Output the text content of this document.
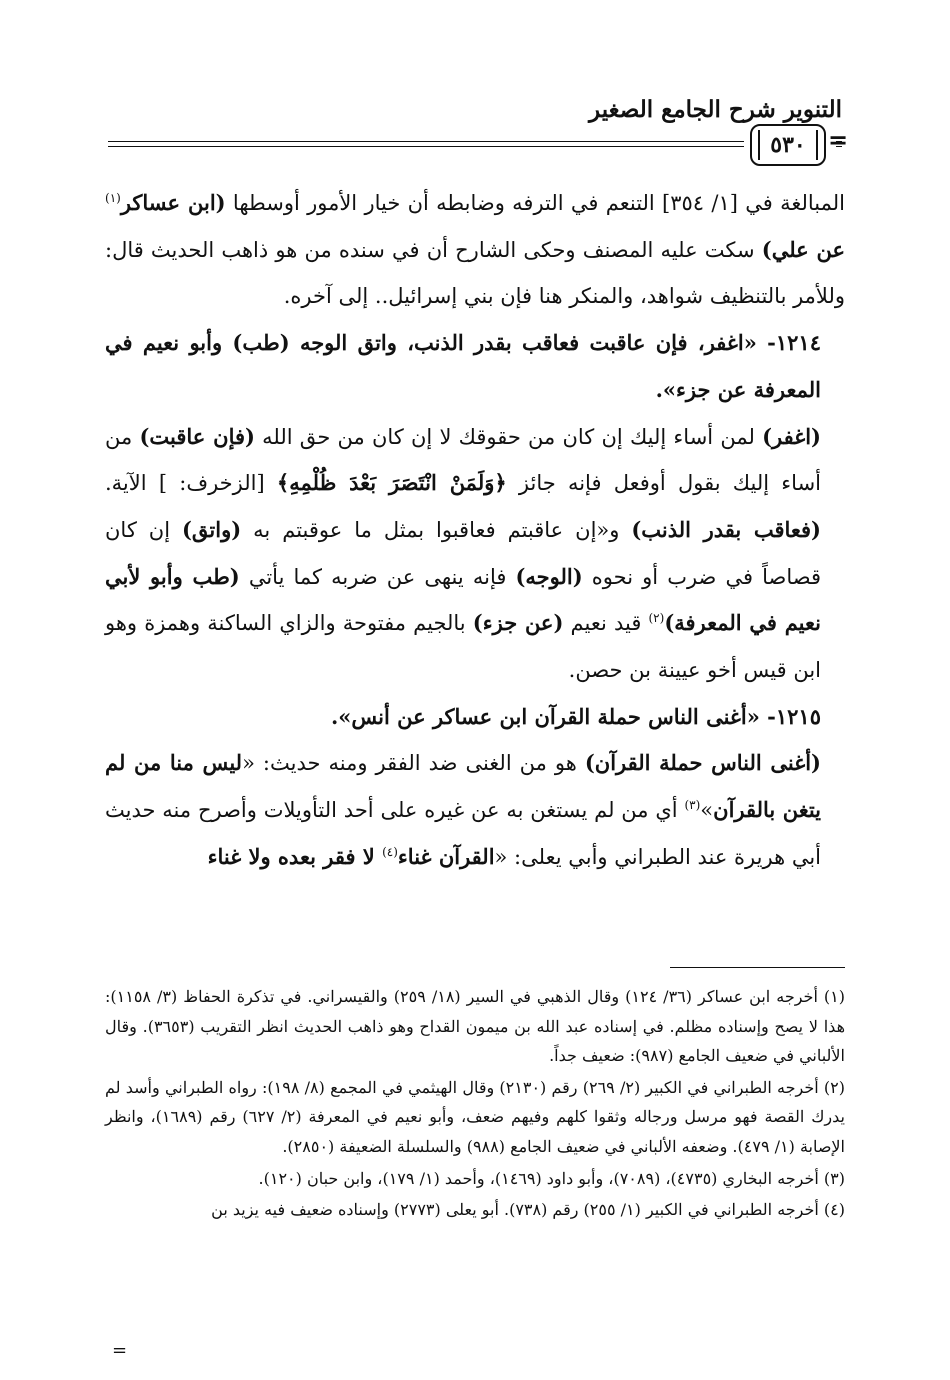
التنوير شرح الجامع الصغير
=
٥٣٠

المبالغة في [١/ ٣٥٤] التنعم في الترفه وضابطه أن خيار الأمور أوسطها (ابن عساكر$^{(١)}$ عن علي) سكت عليه المصنف وحكى الشارح أن في سنده من هو ذاهب الحديث قال: وللأمر بالتنظيف شواهد، والمنكر هنا فإن بني إسرائيل.. إلى آخره.

١٢١٤- «اغفر، فإن عاقبت فعاقب بقدر الذنب، واتق الوجه (طب) وأبو نعيم في المعرفة عن جزء».

(اغفر) لمن أساء إليك إن كان من حقوقك لا إن كان من حق الله (فإن عاقبت) من أساء إليك بقول أوفعل فإنه جائز ﴿وَلَمَنْ انْتَصَرَ بَعْدَ ظُلْمِهِ﴾ [الزخرف: ] الآية. (فعاقب بقدر الذنب) و«إن عاقبتم فعاقبوا بمثل ما عوقبتم به (واتق) إن كان قصاصاً في ضرب أو نحوه (الوجه) فإنه ينهى عن ضربه كما يأتي (طب وأبو لأبي نعيم في المعرفة)$^{(٢)}$ قيد نعيم (عن جزء) بالجيم مفتوحة والزاي الساكنة وهمزة وهو ابن قيس أخو عيينة بن حصن.

١٢١٥- «أغنى الناس حملة القرآن ابن عساكر عن أنس».

(أغنى الناس حملة القرآن) هو من الغنى ضد الفقر ومنه حديث: «ليس منا من لم يتغن بالقرآن»$^{(٣)}$ أي من لم يستغن به عن غيره على أحد التأويلات وأصرح منه حديث أبي هريرة عند الطبراني وأبي يعلى: «القرآن غناء$^{(٤)}$ لا فقر بعده ولا غناء

(١) أخرجه ابن عساكر (٣٦/ ١٢٤) وقال الذهبي في السير (١٨/ ٢٥٩) والقيسراني. في تذكرة الحفاظ (٣/ ١١٥٨): هذا لا يصح وإسناده مظلم. في إسناده عبد الله بن ميمون القداح وهو ذاهب الحديث انظر التقريب (٣٦٥٣). وقال الألباني في ضعيف الجامع (٩٨٧): ضعيف جداً.

(٢) أخرجه الطبراني في الكبير (٢/ ٢٦٩) رقم (٢١٣٠) وقال الهيثمي في المجمع (٨/ ١٩٨): رواه الطبراني وأسد لم يدرك القصة فهو مرسل ورجاله وثقوا كلهم وفيهم ضعف، وأبو نعيم في المعرفة (٢/ ٦٢٧) رقم (١٦٨٩)، وانظر الإصابة (١/ ٤٧٩). وضعفه الألباني في ضعيف الجامع (٩٨٨) والسلسلة الضعيفة (٢٨٥٠).

(٣) أخرجه البخاري (٤٧٣٥)، (٧٠٨٩)، وأبو داود (١٤٦٩)، وأحمد (١/ ١٧٩)، وابن حبان (١٢٠).

(٤) أخرجه الطبراني في الكبير (١/ ٢٥٥) رقم (٧٣٨). أبو يعلى (٢٧٧٣) وإسناده ضعيف فيه يزيد بن

=
